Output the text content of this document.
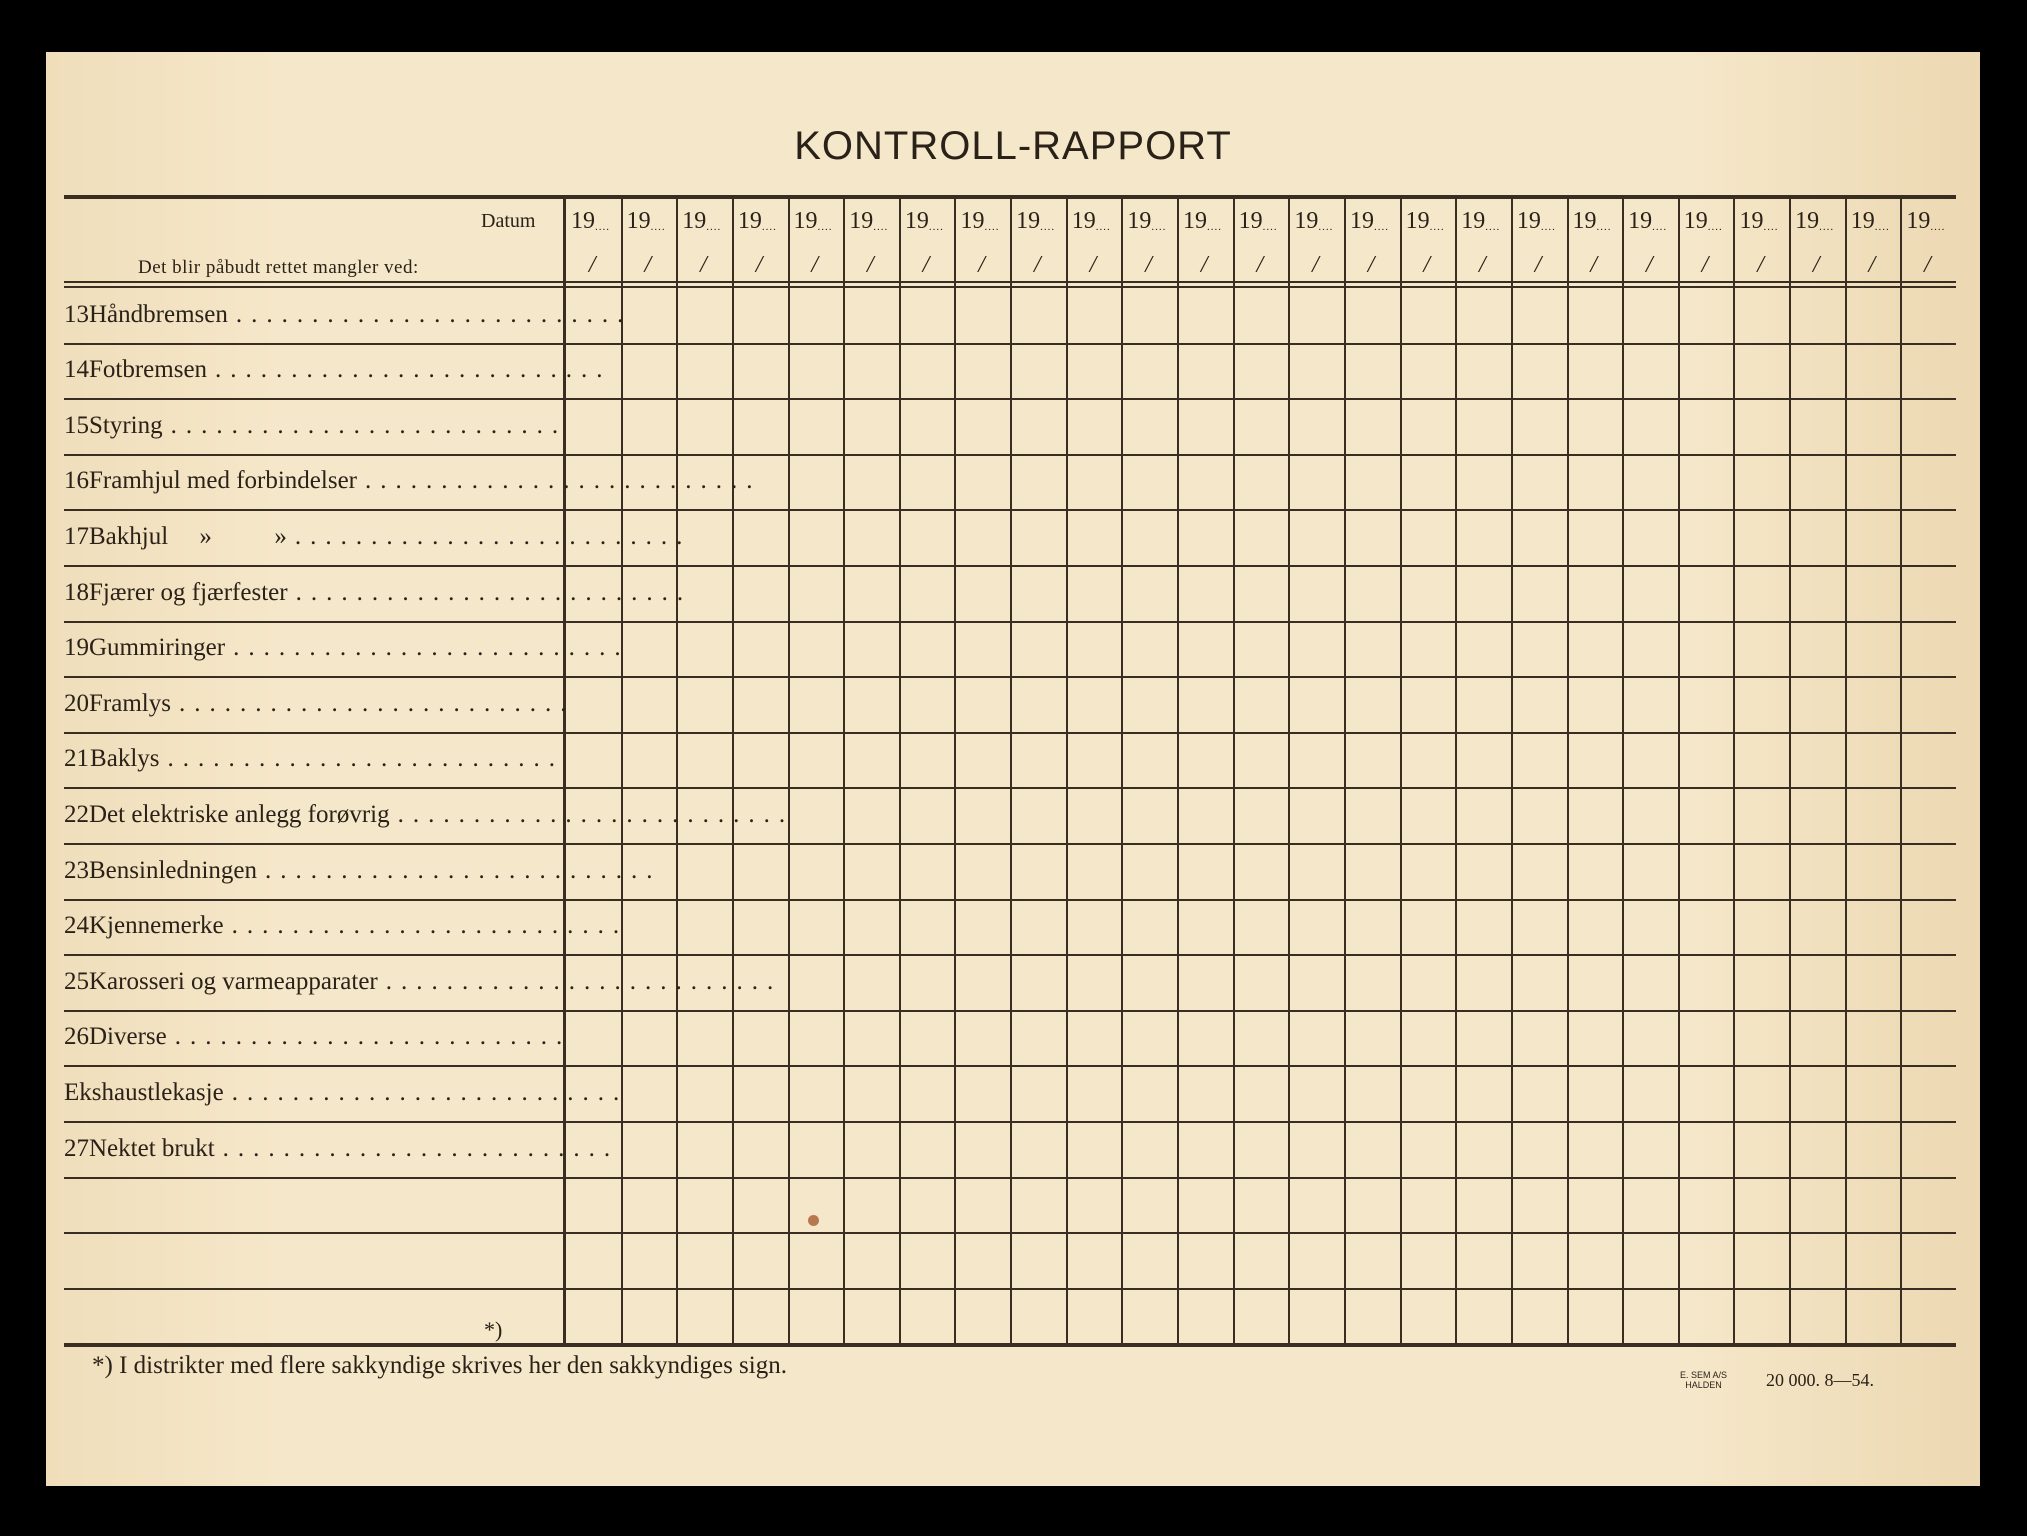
KONTROLL-RAPPORT
Datum
Det blir påbudt rettet mangler ved:
13 Håndbremsen ..........................
14 Fotbremsen ..........................
15 Styring ..........................
16 Framhjul med forbindelser ..........................
17 Bakhjul     »          » ..........................
18 Fjærer og fjærfester ..........................
19 Gummiringer ..........................
20 Framlys ..........................
21 Baklys ..........................
22 Det elektriske anlegg forøvrig ..........................
23 Bensinledningen ..........................
24 Kjennemerke ..........................
25 Karosseri og varmeapparater ..........................
26 Diverse ..........................
Ekshaustlekasje ..........................
27 Nektet brukt ..........................
19....
/
19....
/
19....
/
19....
/
19....
/
19....
/
19....
/
19....
/
19....
/
19....
/
19....
/
19....
/
19....
/
19....
/
19....
/
19....
/
19....
/
19....
/
19....
/
19....
/
19....
/
19....
/
19....
/
19....
/
19....
/
*)
*) I distrikter med flere sakkyndige skrives her den sakkyndiges sign.	E. SEM A/S
HALDEN 20 000. 8—54.
